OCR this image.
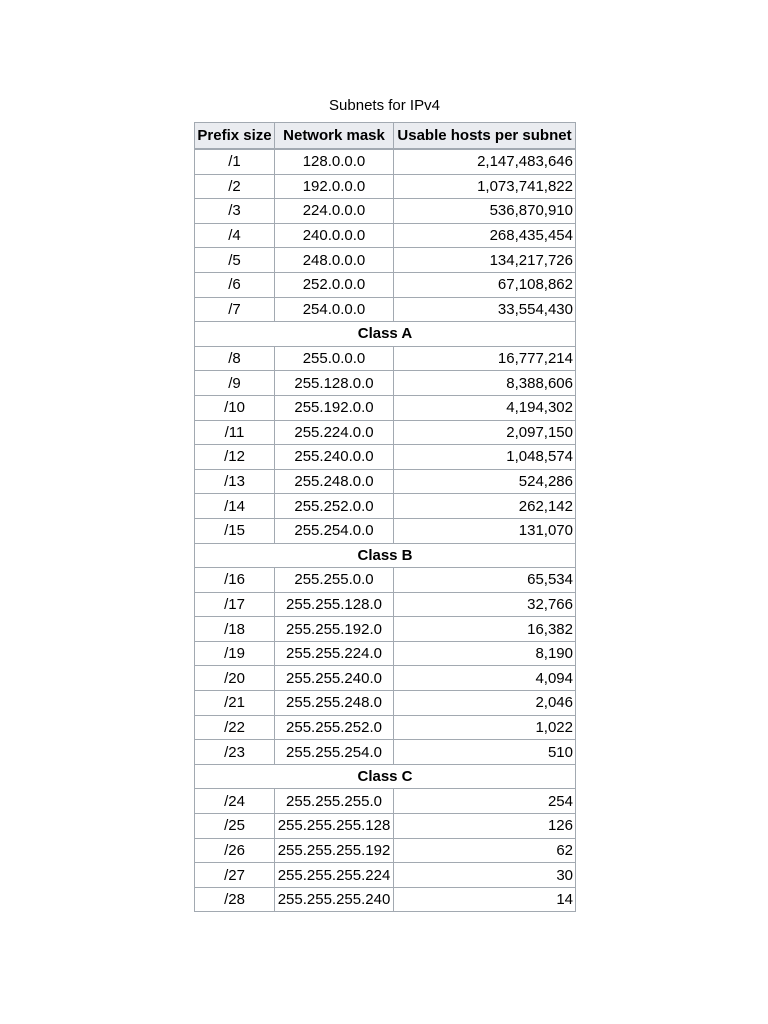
Subnets for IPv4
Prefix size	Network mask	Usable hosts per subnet
/1	128.0.0.0	2,147,483,646
/2	192.0.0.0	1,073,741,822
/3	224.0.0.0	536,870,910
/4	240.0.0.0	268,435,454
/5	248.0.0.0	134,217,726
/6	252.0.0.0	67,108,862
/7	254.0.0.0	33,554,430
Class A		
/8	255.0.0.0	16,777,214
/9	255.128.0.0	8,388,606
/10	255.192.0.0	4,194,302
/11	255.224.0.0	2,097,150
/12	255.240.0.0	1,048,574
/13	255.248.0.0	524,286
/14	255.252.0.0	262,142
/15	255.254.0.0	131,070
Class B		
/16	255.255.0.0	65,534
/17	255.255.128.0	32,766
/18	255.255.192.0	16,382
/19	255.255.224.0	8,190
/20	255.255.240.0	4,094
/21	255.255.248.0	2,046
/22	255.255.252.0	1,022
/23	255.255.254.0	510
Class C		
/24	255.255.255.0	254
/25	255.255.255.128	126
/26	255.255.255.192	62
/27	255.255.255.224	30
/28	255.255.255.240	14
